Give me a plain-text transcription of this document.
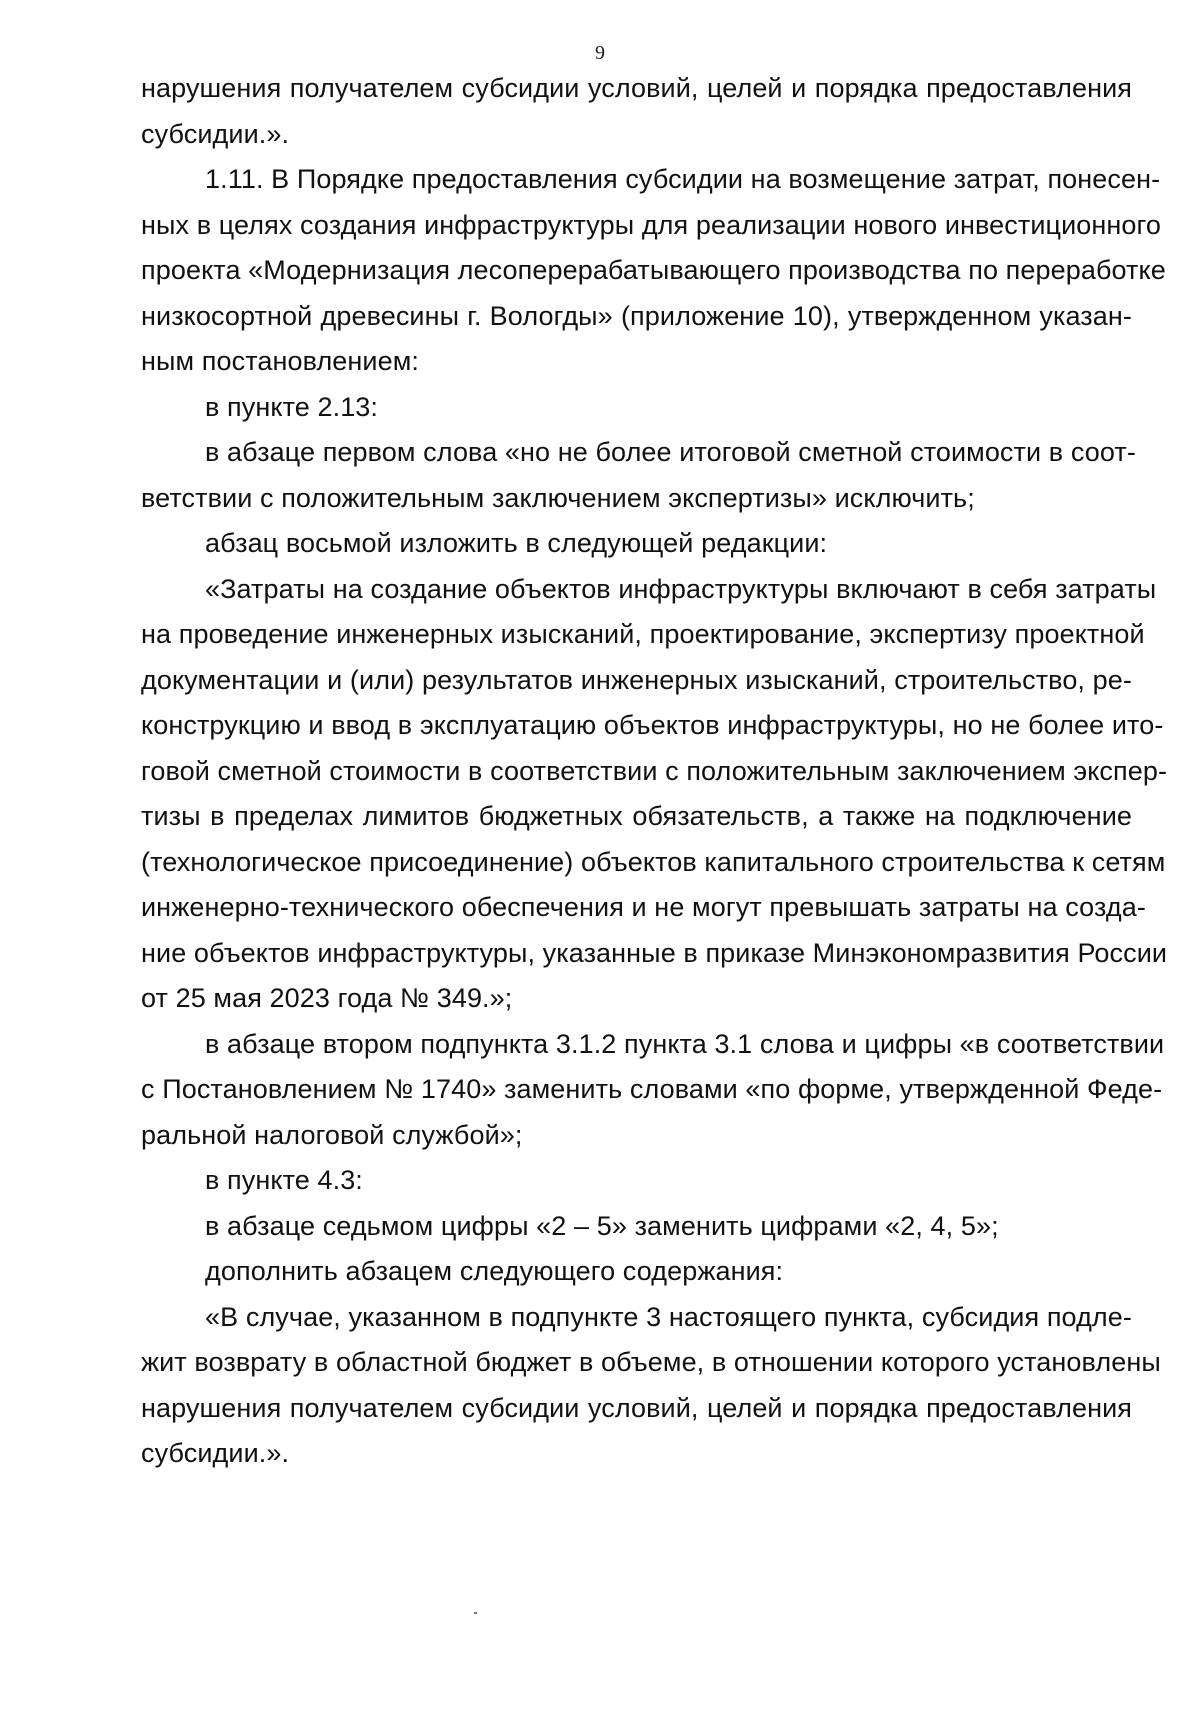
9
нарушения получателем субсидии условий, целей и порядка предоставления
субсидии.».
1.11. В Порядке предоставления субсидии на возмещение затрат, понесен-
ных в целях создания инфраструктуры для реализации нового инвестиционного
проекта «Модернизация лесоперерабатывающего производства по переработке
низкосортной древесины г. Вологды» (приложение 10), утвержденном указан-
ным постановлением:
в пункте 2.13:
в абзаце первом слова «но не более итоговой сметной стоимости в соот-
ветствии с положительным заключением экспертизы» исключить;
абзац восьмой изложить в следующей редакции:
«Затраты на создание объектов инфраструктуры включают в себя затраты
на проведение инженерных изысканий, проектирование, экспертизу проектной
документации и (или) результатов инженерных изысканий, строительство, ре-
конструкцию и ввод в эксплуатацию объектов инфраструктуры, но не более ито-
говой сметной стоимости в соответствии с положительным заключением экспер-
тизы в пределах лимитов бюджетных обязательств, а также на подключение
(технологическое присоединение) объектов капитального строительства к сетям
инженерно-технического обеспечения и не могут превышать затраты на созда-
ние объектов инфраструктуры, указанные в приказе Минэкономразвития России
от 25 мая 2023 года № 349.»;
в абзаце втором подпункта 3.1.2 пункта 3.1 слова и цифры «в соответствии
с Постановлением № 1740» заменить словами «по форме, утвержденной Феде-
ральной налоговой службой»;
в пункте 4.3:
в абзаце седьмом цифры «2 – 5» заменить цифрами «2, 4, 5»;
дополнить абзацем следующего содержания:
«В случае, указанном в подпункте 3 настоящего пункта, субсидия подле-
жит возврату в областной бюджет в объеме, в отношении которого установлены
нарушения получателем субсидии условий, целей и порядка предоставления
субсидии.».
